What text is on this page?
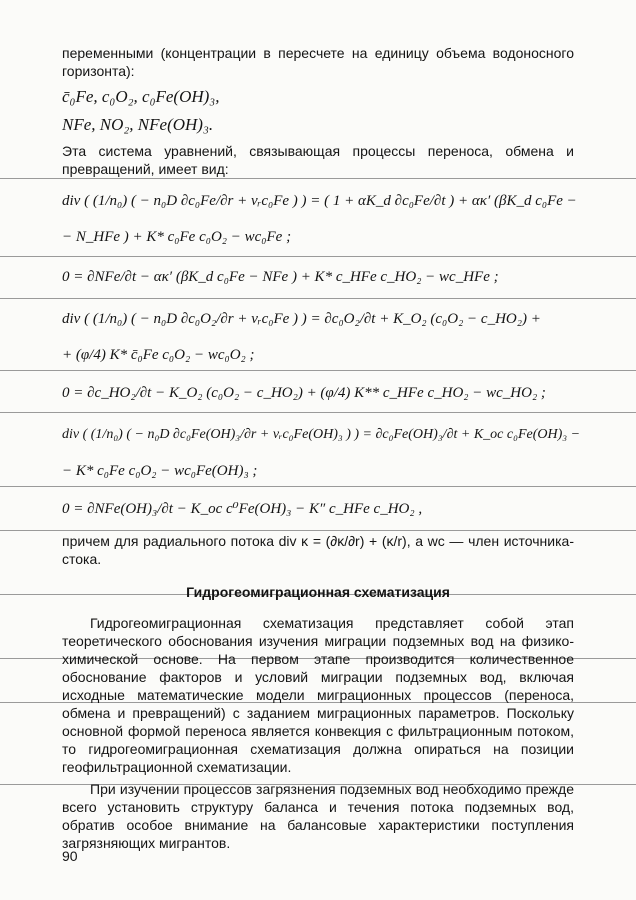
переменными (концентрации в пересчете на единицу объема водоносного горизонта):

c̄₀Fe, c₀O₂, c₀Fe(OH)₃,
NFe, NO₂, NFe(OH)₃.

Эта система уравнений, связывающая процессы переноса, обмена и превращений, имеет вид:

div ( (1/n₀) ( − n₀D ∂c₀Fe/∂r + vᵣc₀Fe ) ) = ( 1 + αK_d ∂c₀Fe/∂t ) + ακ′ (βK_d c₀Fe −
− N_HFe ) + K* c₀Fe c₀O₂ − wc₀Fe ;
0 = ∂NFe/∂t − ακ′ (βK_d c₀Fe − NFe ) + K* c_HFe c_HO₂ − wc_HFe ;
div ( (1/n₀) ( − n₀D ∂c₀O₂/∂r + vᵣc₀Fe ) ) = ∂c₀O₂/∂t + K_O₂ (c₀O₂ − c_HO₂) +
+ (φ/4) K* c̄₀Fe c₀O₂ − wc₀O₂ ;
0 = ∂c_HO₂/∂t − K_O₂ (c₀O₂ − c_HO₂) + (φ/4) K** c_HFe c_HO₂ − wc_HO₂ ;
div ( (1/n₀) ( − n₀D ∂c₀Fe(OH)₃/∂r + vᵣc₀Fe(OH)₃ ) ) = ∂c₀Fe(OH)₃/∂t + K_oc c₀Fe(OH)₃ −
− K* c₀Fe c₀O₂ − wc₀Fe(OH)₃ ;
0 = ∂NFe(OH)₃/∂t − K_oc c⁰Fe(OH)₃ − K″ c_HFe c_HO₂ ,

причем для радиального потока div κ = (∂κ/∂r) + (κ/r), а wc — член источника-стока.

Гидрогеомиграционная схематизация

Гидрогеомиграционная схематизация представляет собой этап теоретического обоснования изучения миграции подземных вод на физико-химической основе. На первом этапе производится количественное обоснование факторов и условий миграции подземных вод, включая исходные математические модели миграционных процессов (переноса, обмена и превращений) с заданием миграционных параметров. Поскольку основной формой переноса является конвекция с фильтрационным потоком, то гидрогеомиграционная схематизация должна опираться на позиции геофильтрационной схематизации.

При изучении процессов загрязнения подземных вод необходимо прежде всего установить структуру баланса и течения потока подземных вод, обратив особое внимание на балансовые характеристики поступления загрязняющих мигрантов.

90
